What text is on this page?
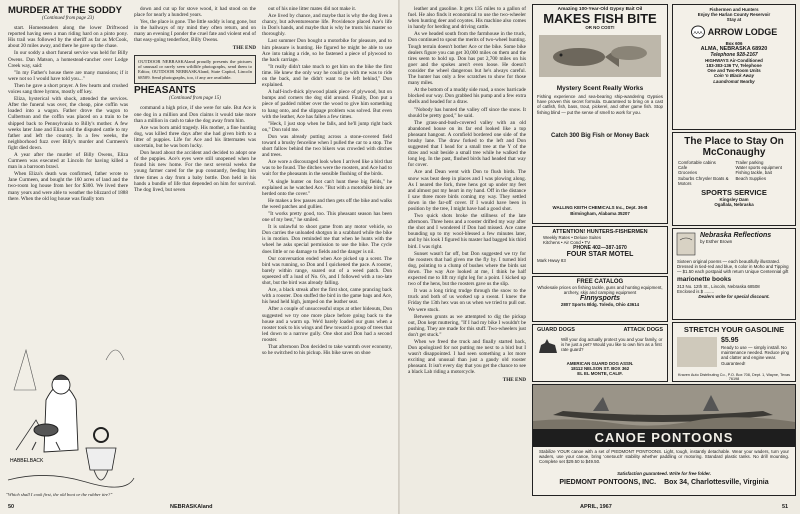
MURDER AT THE SODDY
(Continued from page 23)

start. Homesteaders along the lower Driftwood reported having seen a man riding hard on a pinto pony. His trail was followed by the sheriff as far as McCook, about 20 miles away, and there he gave up the chase.

In our soddy a short funeral service was held for Billy Owens. Dan Matson, a homestead-rancher over Lodge Creek way, said:

"In my Father's house there are many mansions; if it were not so I would have told you..."

Then he gave a short prayer. A few hearts and crushed voices sang three hymns, mostly off key.

Eliza, hysterical with shock, attended the services. After the funeral was over, the cheap, pine coffin was loaded into a wagon. Father drove the wagon to Culbertson and the coffin was placed on a train to be shipped back to Pennsylvania to Billy's mother. A few weeks later Jane and Eliza sold the disputed cattle to my father and left the country. In a few weeks, the neighborhood fuzz over Billy's murder and Curmeen's fight died down.

A year after the murder of Billy Owens, Eliza Curmeen was executed at Lincoln for having killed a man in a barroom brawl.

When Eliza's death was confirmed, father wrote to Jane Curmeen, and bought the 160 acres of land and the two-room log house from her for $300. We lived there many years and were able to weather the blizzard of 1888 there. When the old log house was finally torn

down and cut up for stove wood, it had stood on the place for nearly a hundred years.

Yes, the place is gone. The little soddy is long gone, but in the hallways of my mind they often return, and on many an evening I ponder the cruel fate and violent end of that easy-going tenderfoot, Billy Owens.

THE END
OUTDOOR NEBRASKAland proudly presents the pictures of unusual or rarely seen wildlife photographs, send them to Editor, OUTDOOR NEBRASKAland, State Capitol, Lincoln 68509. Send photographs, too, if any are available.
PHEASANTS
(Continued from page 15)

command a high price, if she were for sale. But Ace is one dog in a million and Don claims it would take more than a million in cash to take the dog away from him.

Ace was born amid tragedy. His mother, a fine hunting dog, was killed three days after she had given birth to a litter of puppies. Life for Ace and his littermates was uncertain, but he was born lucky.

Don heard about the accident and decided to adopt one of the puppies. Ace's eyes were still unopened when he found his new home. For the next several weeks the young farmer cared for the pup constantly, feeding him three times a day from a baby bottle. Don held in his hands a bundle of life that depended on him for survival. The dog lived, but seven

out of his nine litter mates did not make it.

Ace lived by chance, and maybe that is why the dog lives a chancy, but adventuresome life. Providence placed Ace's life in Don's hands, and maybe that is why he trusts his master so thoroughly.

Last summer Don bought a motorbike for pleasure, and to him pleasure is hunting. He figured he might be able to use Ace into taking a ride, so he fastened a piece of plywood to the back carriage.

"It really didn't take much to get him on the bike the first time. He knew the only way he could go with me was to ride on the back, and he didn't want to be left behind," Don explained.

A half-inch-thick plywood plank piece of plywood, but on bumps and corners the dog slid around. Finally, Don put a piece of padded rubber over the wood to give him something to hang onto, and the slippage problem was solved. But even with the leather, Ace has fallen a few times.

"Heck, I just stop when he falls, and he'll jump right back on," Don told me.

Don was already putting across a stone-covered field toward a brushy fenceline when I pulled the car to a stop. The short fallow behind the two bikers was crowded with ditches and trees.

Ace wore a discouraged look when I arrived like a bird that was to be found. The ditches were the roosters, and Ace had to wait for the pheasants in the sensible flushing of the birds.

"A single hunter on foot can't hunt these big fields," he explained as he watched Ace. "But with a motorbike birds are herded onto the cover."

He makes a few passes and then gets off the bike and walks the weed patches and gullies.

"It works pretty good, too. This pheasant season has been one of my best," he smiled.

It is unlawful to shoot game from any motor vehicle, so Don carries the unloaded shotgun in a scabbard while the bike is in motion. Don reminded me that when he hunts with the wheel he asks special permission to use the bike. The cycle does little or no damage to fields and the danger is nil.

Our conversation ended when Ace picked up a scent. The bird was running, so Don and I quickened the pace. A rooster, barely within range, soared out of a weed patch. Don squeezed off a load of No. 6's, and I followed with a too-late shot, but the bird was already falling.

Ace, a black streak after the first shot, came prancing back with a rooster. Don stuffed the bird in the game bags and Ace, his head held high, jumped on the leather seat.

After a couple of unsuccessful stops at other hideouts, Don suggested we try one more place before going back to the house and a warm up. We'd barely loaded our guns when a rooster took to his wings and flew toward a group of trees that led down to a narrow gully. One shot and Don had a second rooster.

That afternoon Don decided to take warmth over economy, so he switched to his pickup. His bike saves on shoe

HABBELBACK
"Which shall I cook first, the old boot or the rubber tire?"
50	NEBRASKAland

leather and gasoline. It gets 135 miles to a gallon of fuel. He also finds it economical to use the two-wheeler when hunting deer and coyotes. His machine also comes in handy for herding and driving cattle.

As we headed south from the farmhouse in the truck, Don continued to spout the merits of two-wheel hunting. Tough terrain doesn't bother Ace or the bike. Some bike dealers figure you can get 30,000 miles on them and the tires seem to hold up. Don has put 2,700 miles on his goer and the spokes aren't even loose. He doesn't consider the wheel dangerous but he's always careful. The hunter has only a few scratches to show for those many miles.

At the bottom of a muddy side road, a snow barricade blocked our way. Don grabbed his pump and a few extra shells and headed for a draw.

"Nobody has hunted the valley off since the snow. It should be pretty good," he said.

The grass-and-bush-covered valley with an old abandoned house on its far end looked like a top pheasant hangout. A cornfield bordered one side of the brushy lane. The draw forked to the left and Don suggested that I head for a small tree at the Y of the draw and wait beside a small tree while he walked the long leg. In the past, flushed birds had headed that way for cover.

Ace and Dean went with Don to flush birds. The snow was beat deep in places and I was plowing along. As I neared the fork, three hens got up under my feet and almost put my heart in my hand. Off in the distance I saw three more birds coming my way. They settled down in the far-off cover. If I would have been in position by the tree, I might have had a good shot.

Two quick shots broke the stillness of the late afternoon. Three hens and a rooster drifted my way after the shot and I wondered if Don had missed. Ace came bounding up to my wool-blessed a few minutes later, and by his look I figured his master had bagged his third bird. I was right.

Sunset wasn't far off, but Don suggested we try for the roosters that had given me the fly by. I turned bird dog, pointing to a clump of bushes where the birds sat down. The way Ace looked at me, I think he half expected me to lift my right leg for a point. I kicked up two of the hens, but the roosters gave us the slip.

It was a long tiring trudge through the snow to the truck and both of us worked up a sweat. I knew the Friday the 13th hex was on us when we tried to pull out. We were stuck.

Between grunts as we attempted to dig the pickup out, Don kept muttering, "If I had my bike I wouldn't be pushing. They are made for this stuff. Two-wheelers just don't get stuck."

When we freed the truck and finally started back, Don apologized for not putting me next to a bird but I wasn't disappointed. I had seen something a lot more exciting and unusual than just a gaudy old rooster pheasant. It isn't every day that you get the chance to see a black Lab riding a motorcycle.

THE END
Amazing 100-Year-Old Gypsy Bait Oil
MAKES FISH BITE
OR NO COST!
Mystery Scent Really Works
Fishing experience and sea-bearing ship-wandering Gypsies have proven this secret formula. Guaranteed to bring on a cast of catfish, fish, bass, trout, pickerel, and other game fish. Stop fishing blind — put the sense of smell to work for you.
Catch 300 Big Fish or Money Back
WALLING KEITH CHEMICALS Inc., Dept. 36-B
Birmingham, Alabama 35207
ATTENTION! HUNTERS-FISHERMEN
Weekly Rates • Deluxe Suites
Kitchens • Air Cond • TV
PHONE 402—387-1670
FOUR STAR MOTEL
Mark Hwwy 83
FREE CATALOG
Wholesale prices on fishing tackle, guns and hunting equipment, archery, skis and camping equipment
Finnysports
2807 Sports Bldg. Toledo, Ohio 43614
GUARD DOGS	ATTACK DOGS
Will your dog actually protect you and your family, or is he just a pet? Would you like to own him as a first rate guard?
AMERICAN GUARD DOG ASSN.
18112 NELSON ST. BOX 362
EL EL MONTE, CALIF.
Fishermen and Hunters
Enjoy the Harlan County Reservoir
Stay at
AAA ARROW LODGE
Box 606
ALMA, NEBRASKA 68920
Telephone 928-2167
HIGHWAYS Air-Conditioned
183-383-136 TV, Telephone
One and Two-Room Units
Coin 'n Black Away
Laundromat Nearby
The Place to Stay On McConaughy
Comfortable cabins	Trailer parking
Cafe	Water sports equipment
Groceries	Fishing tackle, bait
Suburbs Chrysler Boats & Motors
Beach Supplies
SPORTS SERVICE
Kingsley Dam
Ogallala, Nebraska
Nebraska Reflections
by Esther Brown
Sixteen original poems — each beautifully illustrated. Dressed in tied-red and blue, 6 color in Moho and Tipping — $1.50 each postpaid with return Unique Centennial gift
marionette books
313 No. 12th St., Lincoln, Nebraska 68508
Enclosed is $ ........
Dealers write for special discount.
STRETCH YOUR GASOLINE
$5.95
Ready to use — simply install. No maintenance needed. Reduce ping and clatter and engine wear. Guaranteed!
Kraven Auto Distributing Co., P.O. Box 708, Dept. 1, Wayne, Texas 76198
CANOE PONTOONS
Stabilize YOUR canoe with a set of PIEDMONT PONTOONS. Light, tough, instantly detachable. Wear your waders, turn your waders, use your canoe, bring 'onetouch' stability whether paddling or motoring. Standard plastic tanks. No drill mounting. Complete set $29.50 to $49.50.
Satisfaction guaranteed. Write for free folder.
PIEDMONT PONTOONS, INC. Box 34, Charlottesville, Virginia
APRIL, 1967	51
